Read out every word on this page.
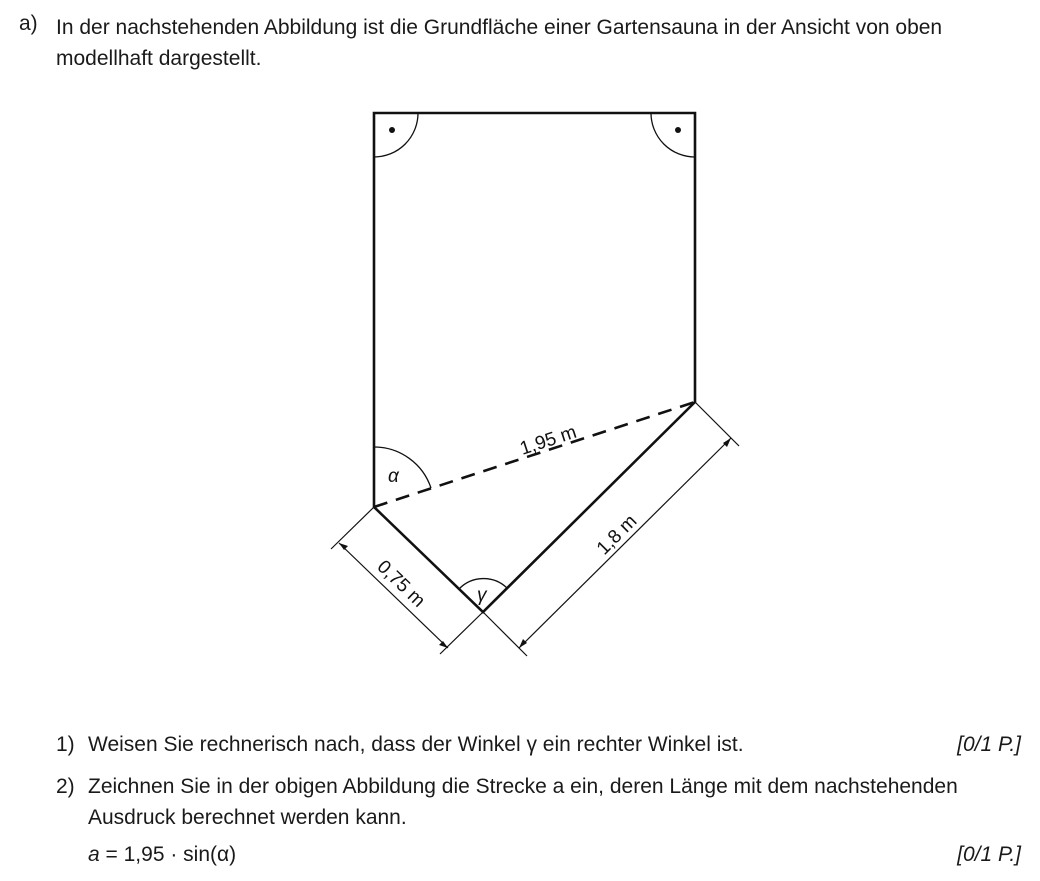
a) In der nachstehenden Abbildung ist die Grundfläche einer Gartensauna in der Ansicht von oben modellhaft dargestellt.
α
γ
0,75 m
1,8 m
1,95 m
1) Weisen Sie rechnerisch nach, dass der Winkel γ ein rechter Winkel ist.	[0/1 P.]
2) Zeichnen Sie in der obigen Abbildung die Strecke a ein, deren Länge mit dem nachstehenden
Ausdruck berechnet werden kann.
a = 1,95 · sin(α)	[0/1 P.]
